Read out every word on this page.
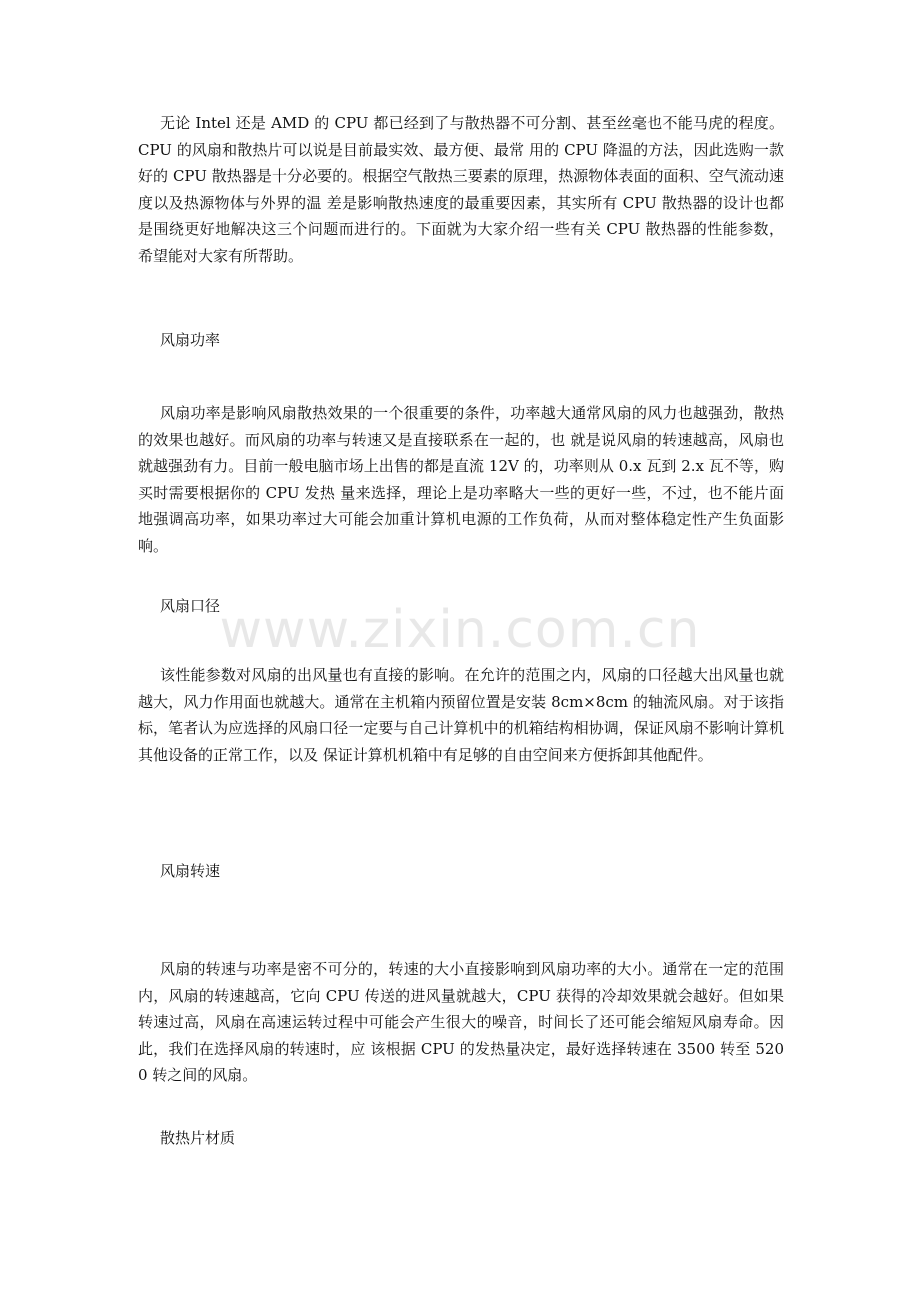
无论 Intel 还是 AMD 的 CPU 都已经到了与散热器不可分割、甚至丝毫也不能马虎的程度。CPU 的风扇和散热片可以说是目前最实效、最方便、最常 用的 CPU 降温的方法，因此选购一款好的 CPU 散热器是十分必要的。根据空气散热三要素的原理，热源物体表面的面积、空气流动速度以及热源物体与外界的温 差是影响散热速度的最重要因素，其实所有 CPU 散热器的设计也都是围绕更好地解决这三个问题而进行的。下面就为大家介绍一些有关 CPU 散热器的性能参数， 希望能对大家有所帮助。

风扇功率

风扇功率是影响风扇散热效果的一个很重要的条件，功率越大通常风扇的风力也越强劲，散热的效果也越好。而风扇的功率与转速又是直接联系在一起的，也 就是说风扇的转速越高，风扇也就越强劲有力。目前一般电脑市场上出售的都是直流 12V 的，功率则从 0.x 瓦到 2.x 瓦不等，购买时需要根据你的 CPU 发热 量来选择，理论上是功率略大一些的更好一些，不过，也不能片面地强调高功率，如果功率过大可能会加重计算机电源的工作负荷，从而对整体稳定性产生负面影 响。

风扇口径 www.zixin.com.cn

该性能参数对风扇的出风量也有直接的影响。在允许的范围之内，风扇的口径越大出风量也就越大，风力作用面也就越大。通常在主机箱内预留位置是安装 8cm×8cm 的轴流风扇。对于该指标，笔者认为应选择的风扇口径一定要与自己计算机中的机箱结构相协调，保证风扇不影响计算机其他设备的正常工作，以及 保证计算机机箱中有足够的自由空间来方便拆卸其他配件。

风扇转速

风扇的转速与功率是密不可分的，转速的大小直接影响到风扇功率的大小。通常在一定的范围内，风扇的转速越高，它向 CPU 传送的进风量就越大，CPU 获得的冷却效果就会越好。但如果转速过高，风扇在高速运转过程中可能会产生很大的噪音，时间长了还可能会缩短风扇寿命。因此，我们在选择风扇的转速时，应 该根据 CPU 的发热量决定，最好选择转速在 3500 转至 5200 转之间的风扇。

散热片材质
